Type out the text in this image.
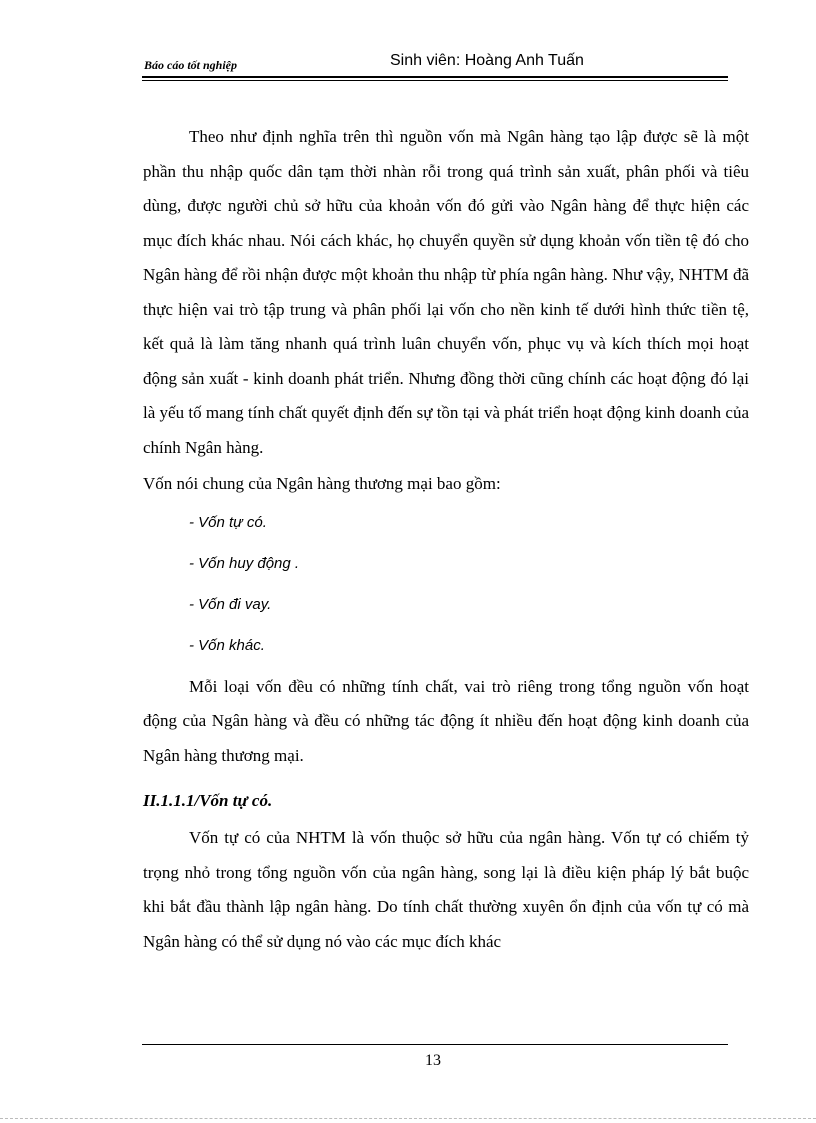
Báo cáo tốt nghiệp	Sinh viên: Hoàng Anh Tuấn

Theo như định nghĩa trên thì nguồn vốn mà Ngân hàng tạo lập được sẽ là một phần thu nhập quốc dân tạm thời nhàn rỗi trong quá trình sản xuất, phân phối và tiêu dùng, được người chủ sở hữu của khoản vốn đó gửi vào Ngân hàng để thực hiện các mục đích khác nhau. Nói cách khác, họ chuyển quyền sử dụng khoản vốn tiền tệ đó cho Ngân hàng để rồi nhận được một khoản thu nhập từ phía ngân hàng. Như vậy, NHTM đã thực hiện vai trò tập trung và phân phối lại vốn cho nền kinh tế dưới hình thức tiền tệ, kết quả là làm tăng nhanh quá trình luân chuyển vốn, phục vụ và kích thích mọi hoạt động sản xuất - kinh doanh phát triển. Nhưng đồng thời cũng chính các hoạt động đó lại là yếu tố mang tính chất quyết định đến sự tồn tại và phát triển hoạt động kinh doanh của chính Ngân hàng.

Vốn nói chung của Ngân hàng thương mại bao gồm:

- Vốn tự có.

- Vốn huy động .

- Vốn đi vay.

- Vốn khác.

Mỗi loại vốn đều có những tính chất, vai trò riêng trong tổng nguồn vốn hoạt động của Ngân hàng và đều có những tác động ít nhiều đến hoạt động kinh doanh của Ngân hàng thương mại.

II.1.1.1/Vốn tự có.

Vốn tự có của NHTM là vốn thuộc sở hữu của ngân hàng. Vốn tự có chiếm tỷ trọng nhỏ trong tổng nguồn vốn của ngân hàng, song lại là điều kiện pháp lý bắt buộc khi bắt đầu thành lập ngân hàng. Do tính chất thường xuyên ổn định của vốn tự có mà Ngân hàng có thể sử dụng nó vào các mục đích khác

13
